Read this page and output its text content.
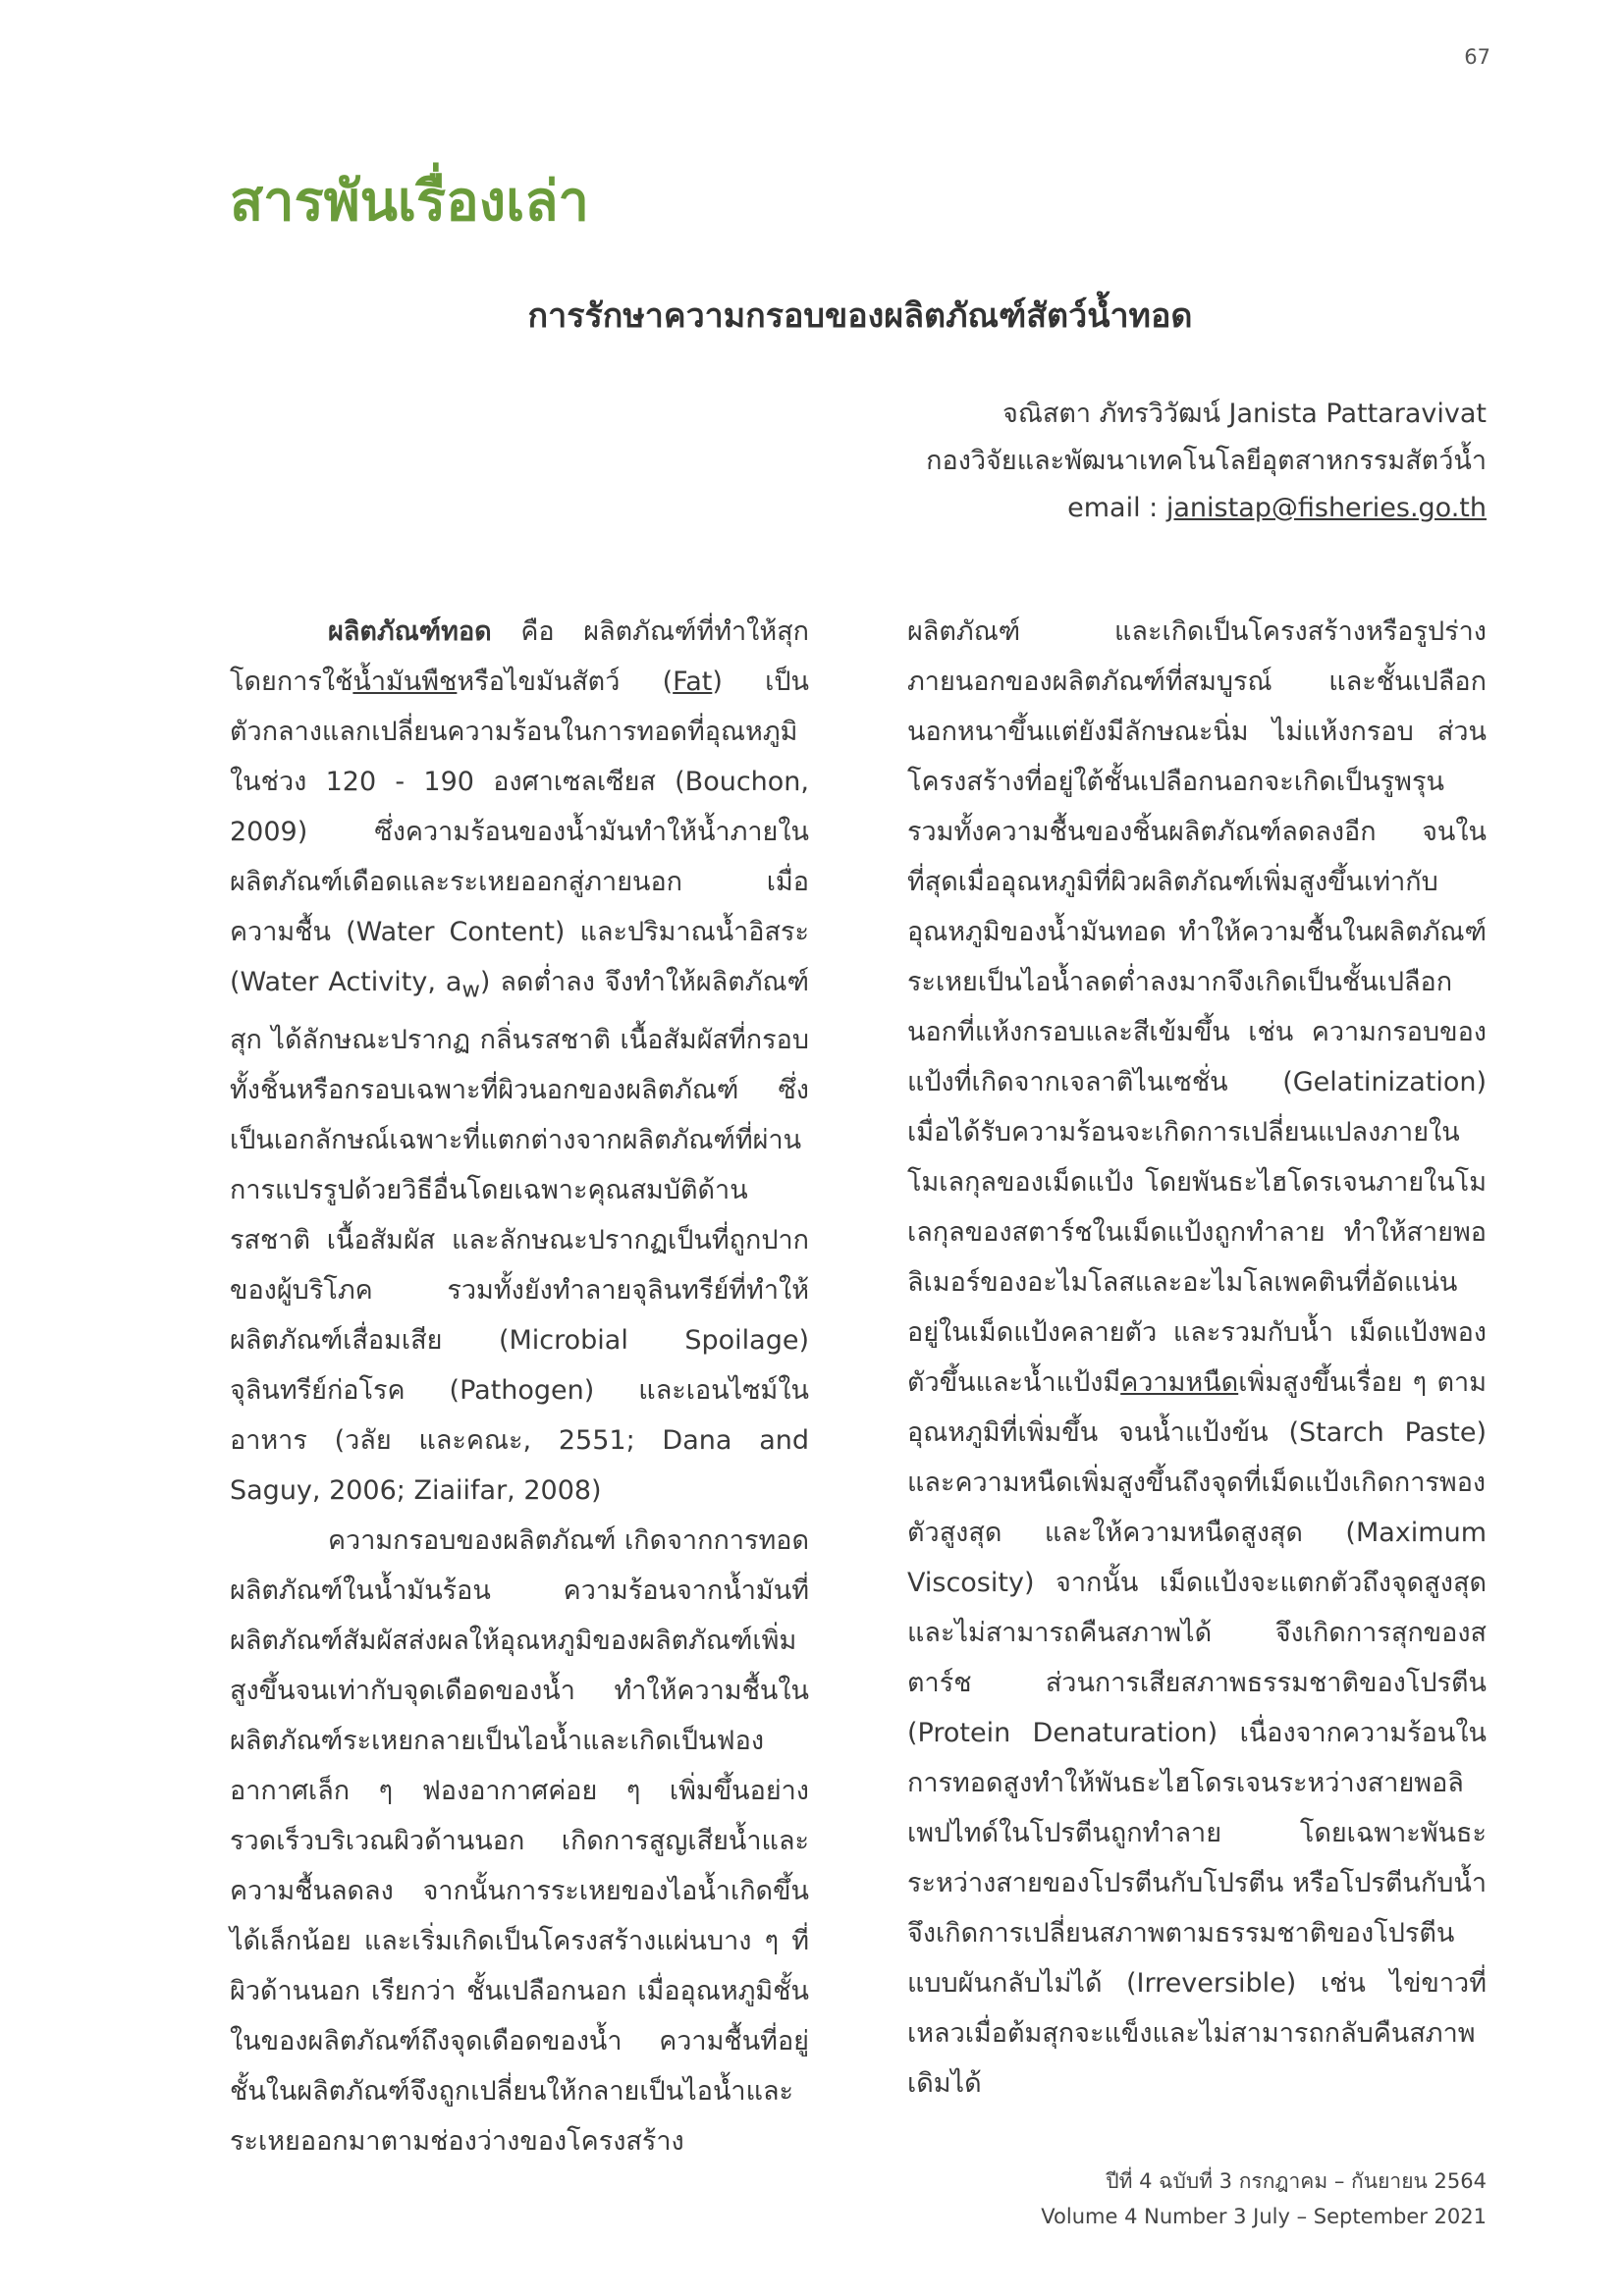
67
สารพันเรื่องเล่า
การรักษาความกรอบของผลิตภัณฑ์สัตว์น้ำทอด
จณิสตา ภัทรวิวัฒน์ Janista Pattaravivat
กองวิจัยและพัฒนาเทคโนโลยีอุตสาหกรรมสัตว์น้ำ
email : janistap@fisheries.go.th

ผลิตภัณฑ์ทอด คือ ผลิตภัณฑ์ที่ทำให้สุกโดยการใช้น้ำมันพืชหรือไขมันสัตว์ (Fat) เป็นตัวกลางแลกเปลี่ยนความร้อนในการทอดที่อุณหภูมิในช่วง 120 - 190 องศาเซลเซียส (Bouchon, 2009) ซึ่งความร้อนของน้ำมันทำให้น้ำภายในผลิตภัณฑ์เดือดและระเหยออกสู่ภายนอก เมื่อความชื้น (Water Content) และปริมาณน้ำอิสระ (Water Activity, $a_w$) ลดต่ำลง จึงทำให้ผลิตภัณฑ์สุก ได้ลักษณะปรากฏ กลิ่นรสชาติ เนื้อสัมผัสที่กรอบทั้งชิ้นหรือกรอบเฉพาะที่ผิวนอกของผลิตภัณฑ์ ซึ่งเป็นเอกลักษณ์เฉพาะที่แตกต่างจากผลิตภัณฑ์ที่ผ่านการแปรรูปด้วยวิธีอื่นโดยเฉพาะคุณสมบัติด้านรสชาติ เนื้อสัมผัส และลักษณะปรากฏเป็นที่ถูกปากของผู้บริโภค รวมทั้งยังทำลายจุลินทรีย์ที่ทำให้ผลิตภัณฑ์เสื่อมเสีย (Microbial Spoilage) จุลินทรีย์ก่อโรค (Pathogen) และเอนไซม์ในอาหาร (วลัย และคณะ, 2551; Dana and Saguy, 2006; Ziaiifar, 2008)

ความกรอบของผลิตภัณฑ์ เกิดจากการทอดผลิตภัณฑ์ในน้ำมันร้อน ความร้อนจากน้ำมันที่ผลิตภัณฑ์สัมผัสส่งผลให้อุณหภูมิของผลิตภัณฑ์เพิ่มสูงขึ้นจนเท่ากับจุดเดือดของน้ำ ทำให้ความชื้นในผลิตภัณฑ์ระเหยกลายเป็นไอน้ำและเกิดเป็นฟองอากาศเล็ก ๆ ฟองอากาศค่อย ๆ เพิ่มขึ้นอย่างรวดเร็วบริเวณผิวด้านนอก เกิดการสูญเสียน้ำและความชื้นลดลง จากนั้นการระเหยของไอน้ำเกิดขึ้นได้เล็กน้อย และเริ่มเกิดเป็นโครงสร้างแผ่นบาง ๆ ที่ผิวด้านนอก เรียกว่า ชั้นเปลือกนอก เมื่ออุณหภูมิชั้นในของผลิตภัณฑ์ถึงจุดเดือดของน้ำ ความชื้นที่อยู่ชั้นในผลิตภัณฑ์จึงถูกเปลี่ยนให้กลายเป็นไอน้ำและระเหยออกมาตามช่องว่างของโครงสร้าง

ผลิตภัณฑ์ และเกิดเป็นโครงสร้างหรือรูปร่างภายนอกของผลิตภัณฑ์ที่สมบูรณ์ และชั้นเปลือกนอกหนาขึ้นแต่ยังมีลักษณะนิ่ม ไม่แห้งกรอบ ส่วนโครงสร้างที่อยู่ใต้ชั้นเปลือกนอกจะเกิดเป็นรูพรุน รวมทั้งความชื้นของชิ้นผลิตภัณฑ์ลดลงอีก จนในที่สุดเมื่ออุณหภูมิที่ผิวผลิตภัณฑ์เพิ่มสูงขึ้นเท่ากับอุณหภูมิของน้ำมันทอด ทำให้ความชื้นในผลิตภัณฑ์ระเหยเป็นไอน้ำลดต่ำลงมากจึงเกิดเป็นชั้นเปลือกนอกที่แห้งกรอบและสีเข้มขึ้น เช่น ความกรอบของแป้งที่เกิดจากเจลาติไนเซชั่น (Gelatinization) เมื่อได้รับความร้อนจะเกิดการเปลี่ยนแปลงภายในโมเลกุลของเม็ดแป้ง โดยพันธะไฮโดรเจนภายในโมเลกุลของสตาร์ชในเม็ดแป้งถูกทำลาย ทำให้สายพอลิเมอร์ของอะไมโลสและอะไมโลเพคตินที่อัดแน่นอยู่ในเม็ดแป้งคลายตัว และรวมกับน้ำ เม็ดแป้งพองตัวขึ้นและน้ำแป้งมีความหนืดเพิ่มสูงขึ้นเรื่อย ๆ ตามอุณหภูมิที่เพิ่มขึ้น จนน้ำแป้งข้น (Starch Paste) และความหนืดเพิ่มสูงขึ้นถึงจุดที่เม็ดแป้งเกิดการพองตัวสูงสุด และให้ความหนืดสูงสุด (Maximum Viscosity) จากนั้น เม็ดแป้งจะแตกตัวถึงจุดสูงสุดและไม่สามารถคืนสภาพได้ จึงเกิดการสุกของสตาร์ช ส่วนการเสียสภาพธรรมชาติของโปรตีน (Protein Denaturation) เนื่องจากความร้อนในการทอดสูงทำให้พันธะไฮโดรเจนระหว่างสายพอลิเพปไทด์ในโปรตีนถูกทำลาย โดยเฉพาะพันธะระหว่างสายของโปรตีนกับโปรตีน หรือโปรตีนกับน้ำ จึงเกิดการเปลี่ยนสภาพตามธรรมชาติของโปรตีนแบบผันกลับไม่ได้ (Irreversible) เช่น ไข่ขาวที่เหลวเมื่อต้มสุกจะแข็งและไม่สามารถกลับคืนสภาพเดิมได้

ปีที่ 4 ฉบับที่ 3 กรกฎาคม – กันยายน 2564
Volume 4 Number 3 July – September 2021
